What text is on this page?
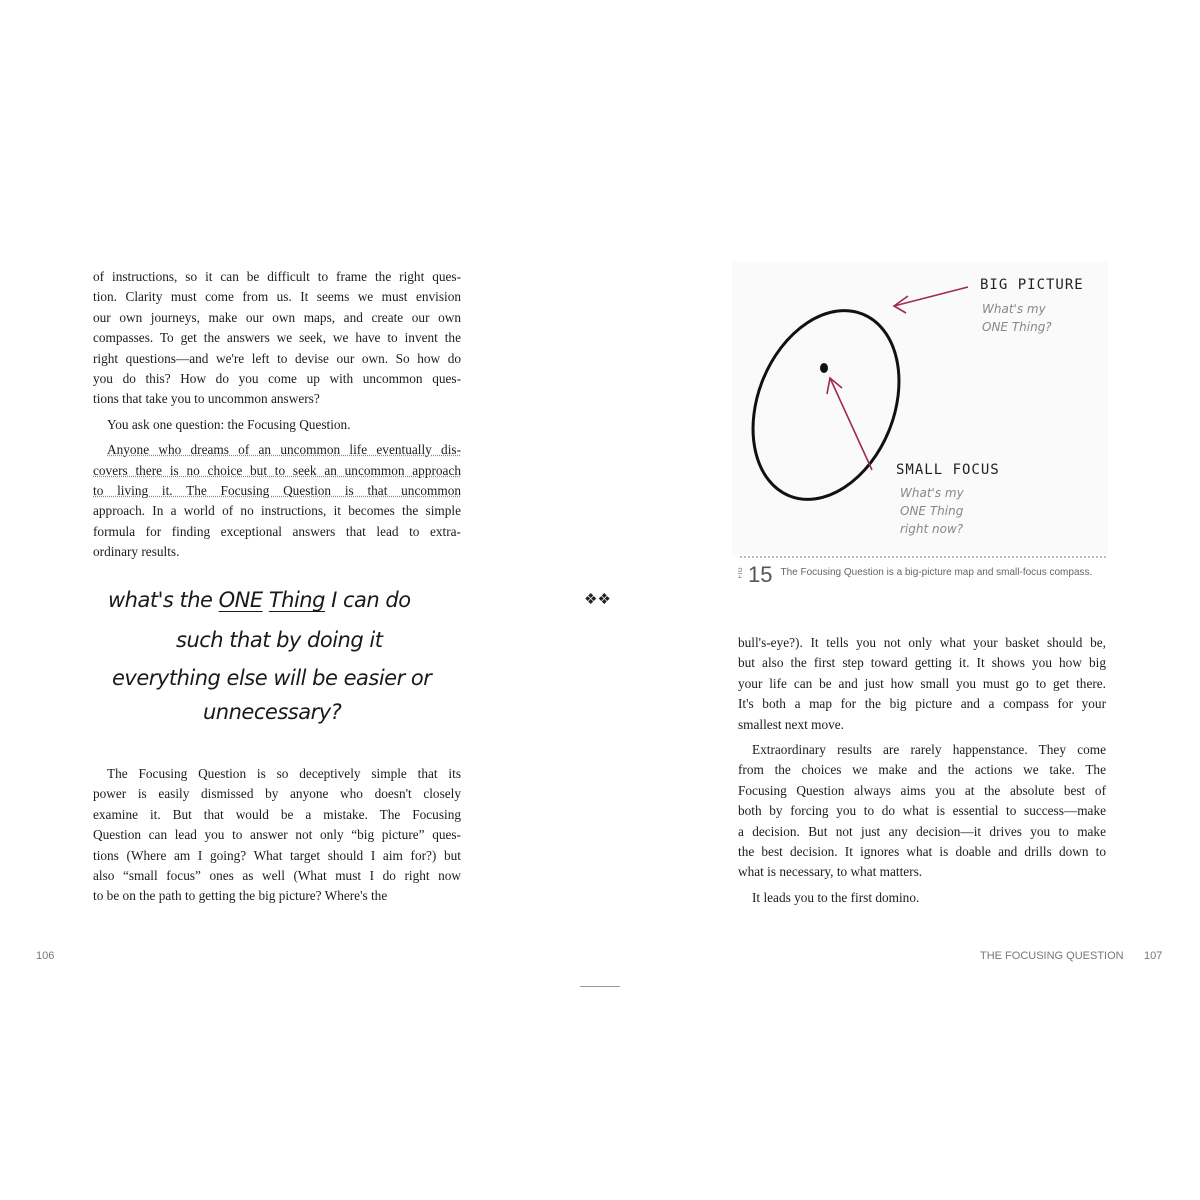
of instructions, so it can be difficult to frame the right ques-
tion. Clarity must come from us. It seems we must envision
our own journeys, make our own maps, and create our own
compasses. To get the answers we seek, we have to invent the
right questions—and we're left to devise our own. So how do
you do this? How do you come up with uncommon ques-
tions that take you to uncommon answers?
You ask one question: the Focusing Question.
Anyone who dreams of an uncommon life eventually dis-
covers there is no choice but to seek an uncommon approach
to living it. The Focusing Question is that uncommon
approach. In a world of no instructions, it becomes the simple
formula for finding exceptional answers that lead to extra-
ordinary results.
what's the ONE Thing I can do
such that by doing it
everything else will be easier or
unnecessary?
The Focusing Question is so deceptively simple that its
power is easily dismissed by anyone who doesn't closely
examine it. But that would be a mistake. The Focusing
Question can lead you to answer not only “big picture” ques-
tions (Where am I going? What target should I aim for?) but
also “small focus” ones as well (What must I do right now
to be on the path to getting the big picture? Where's the
❖❖
106
BIG PICTURE
What's my
ONE Thing?
SMALL FOCUS
What's my
ONE Thing
right now?
FIG 15 The Focusing Question is a big-picture map and small-focus compass.
bull's-eye?). It tells you not only what your basket should be,
but also the first step toward getting it. It shows you how big
your life can be and just how small you must go to get there.
It's both a map for the big picture and a compass for your
smallest next move.
Extraordinary results are rarely happenstance. They come
from the choices we make and the actions we take. The
Focusing Question always aims you at the absolute best of
both by forcing you to do what is essential to success—make
a decision. But not just any decision—it drives you to make
the best decision. It ignores what is doable and drills down to
what is necessary, to what matters.
It leads you to the first domino.
THE FOCUSING QUESTION 107
